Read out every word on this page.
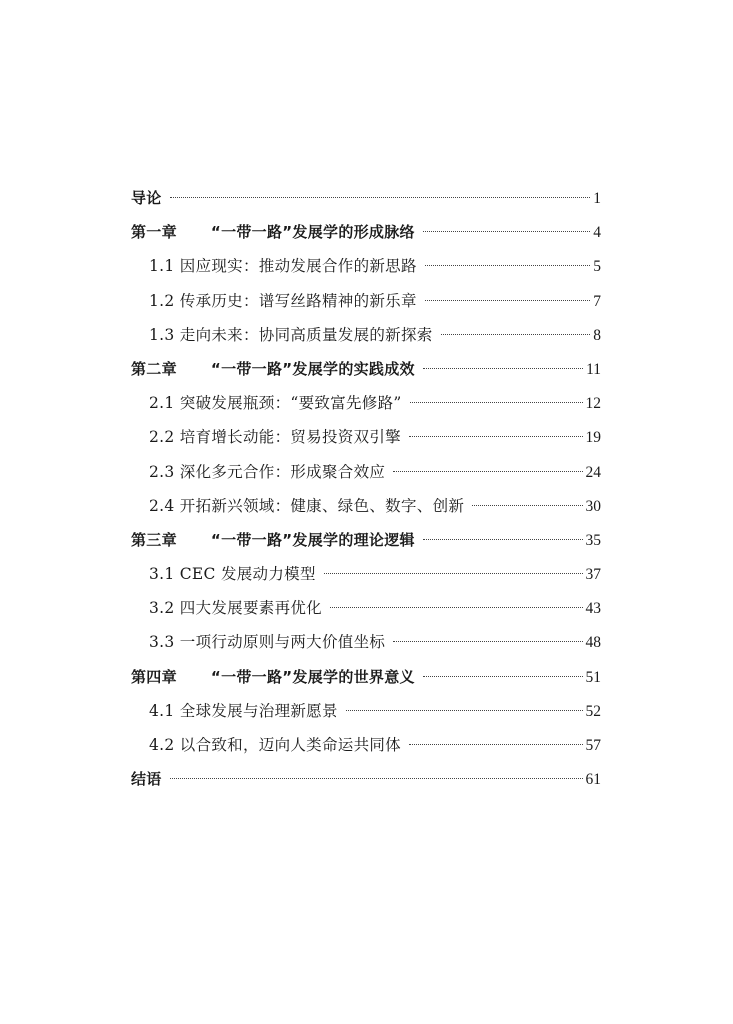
导论	1
第一章 “一带一路”发展学的形成脉络	4
1.1 因应现实：推动发展合作的新思路	5
1.2 传承历史：谱写丝路精神的新乐章	7
1.3 走向未来：协同高质量发展的新探索	8
第二章 “一带一路”发展学的实践成效	11
2.1 突破发展瓶颈：“要致富先修路”	12
2.2 培育增长动能：贸易投资双引擎	19
2.3 深化多元合作：形成聚合效应	24
2.4 开拓新兴领域：健康、绿色、数字、创新	30
第三章 “一带一路”发展学的理论逻辑	35
3.1 CEC 发展动力模型	37
3.2 四大发展要素再优化	43
3.3 一项行动原则与两大价值坐标	48
第四章 “一带一路”发展学的世界意义	51
4.1 全球发展与治理新愿景	52
4.2 以合致和，迈向人类命运共同体	57
结语	61
